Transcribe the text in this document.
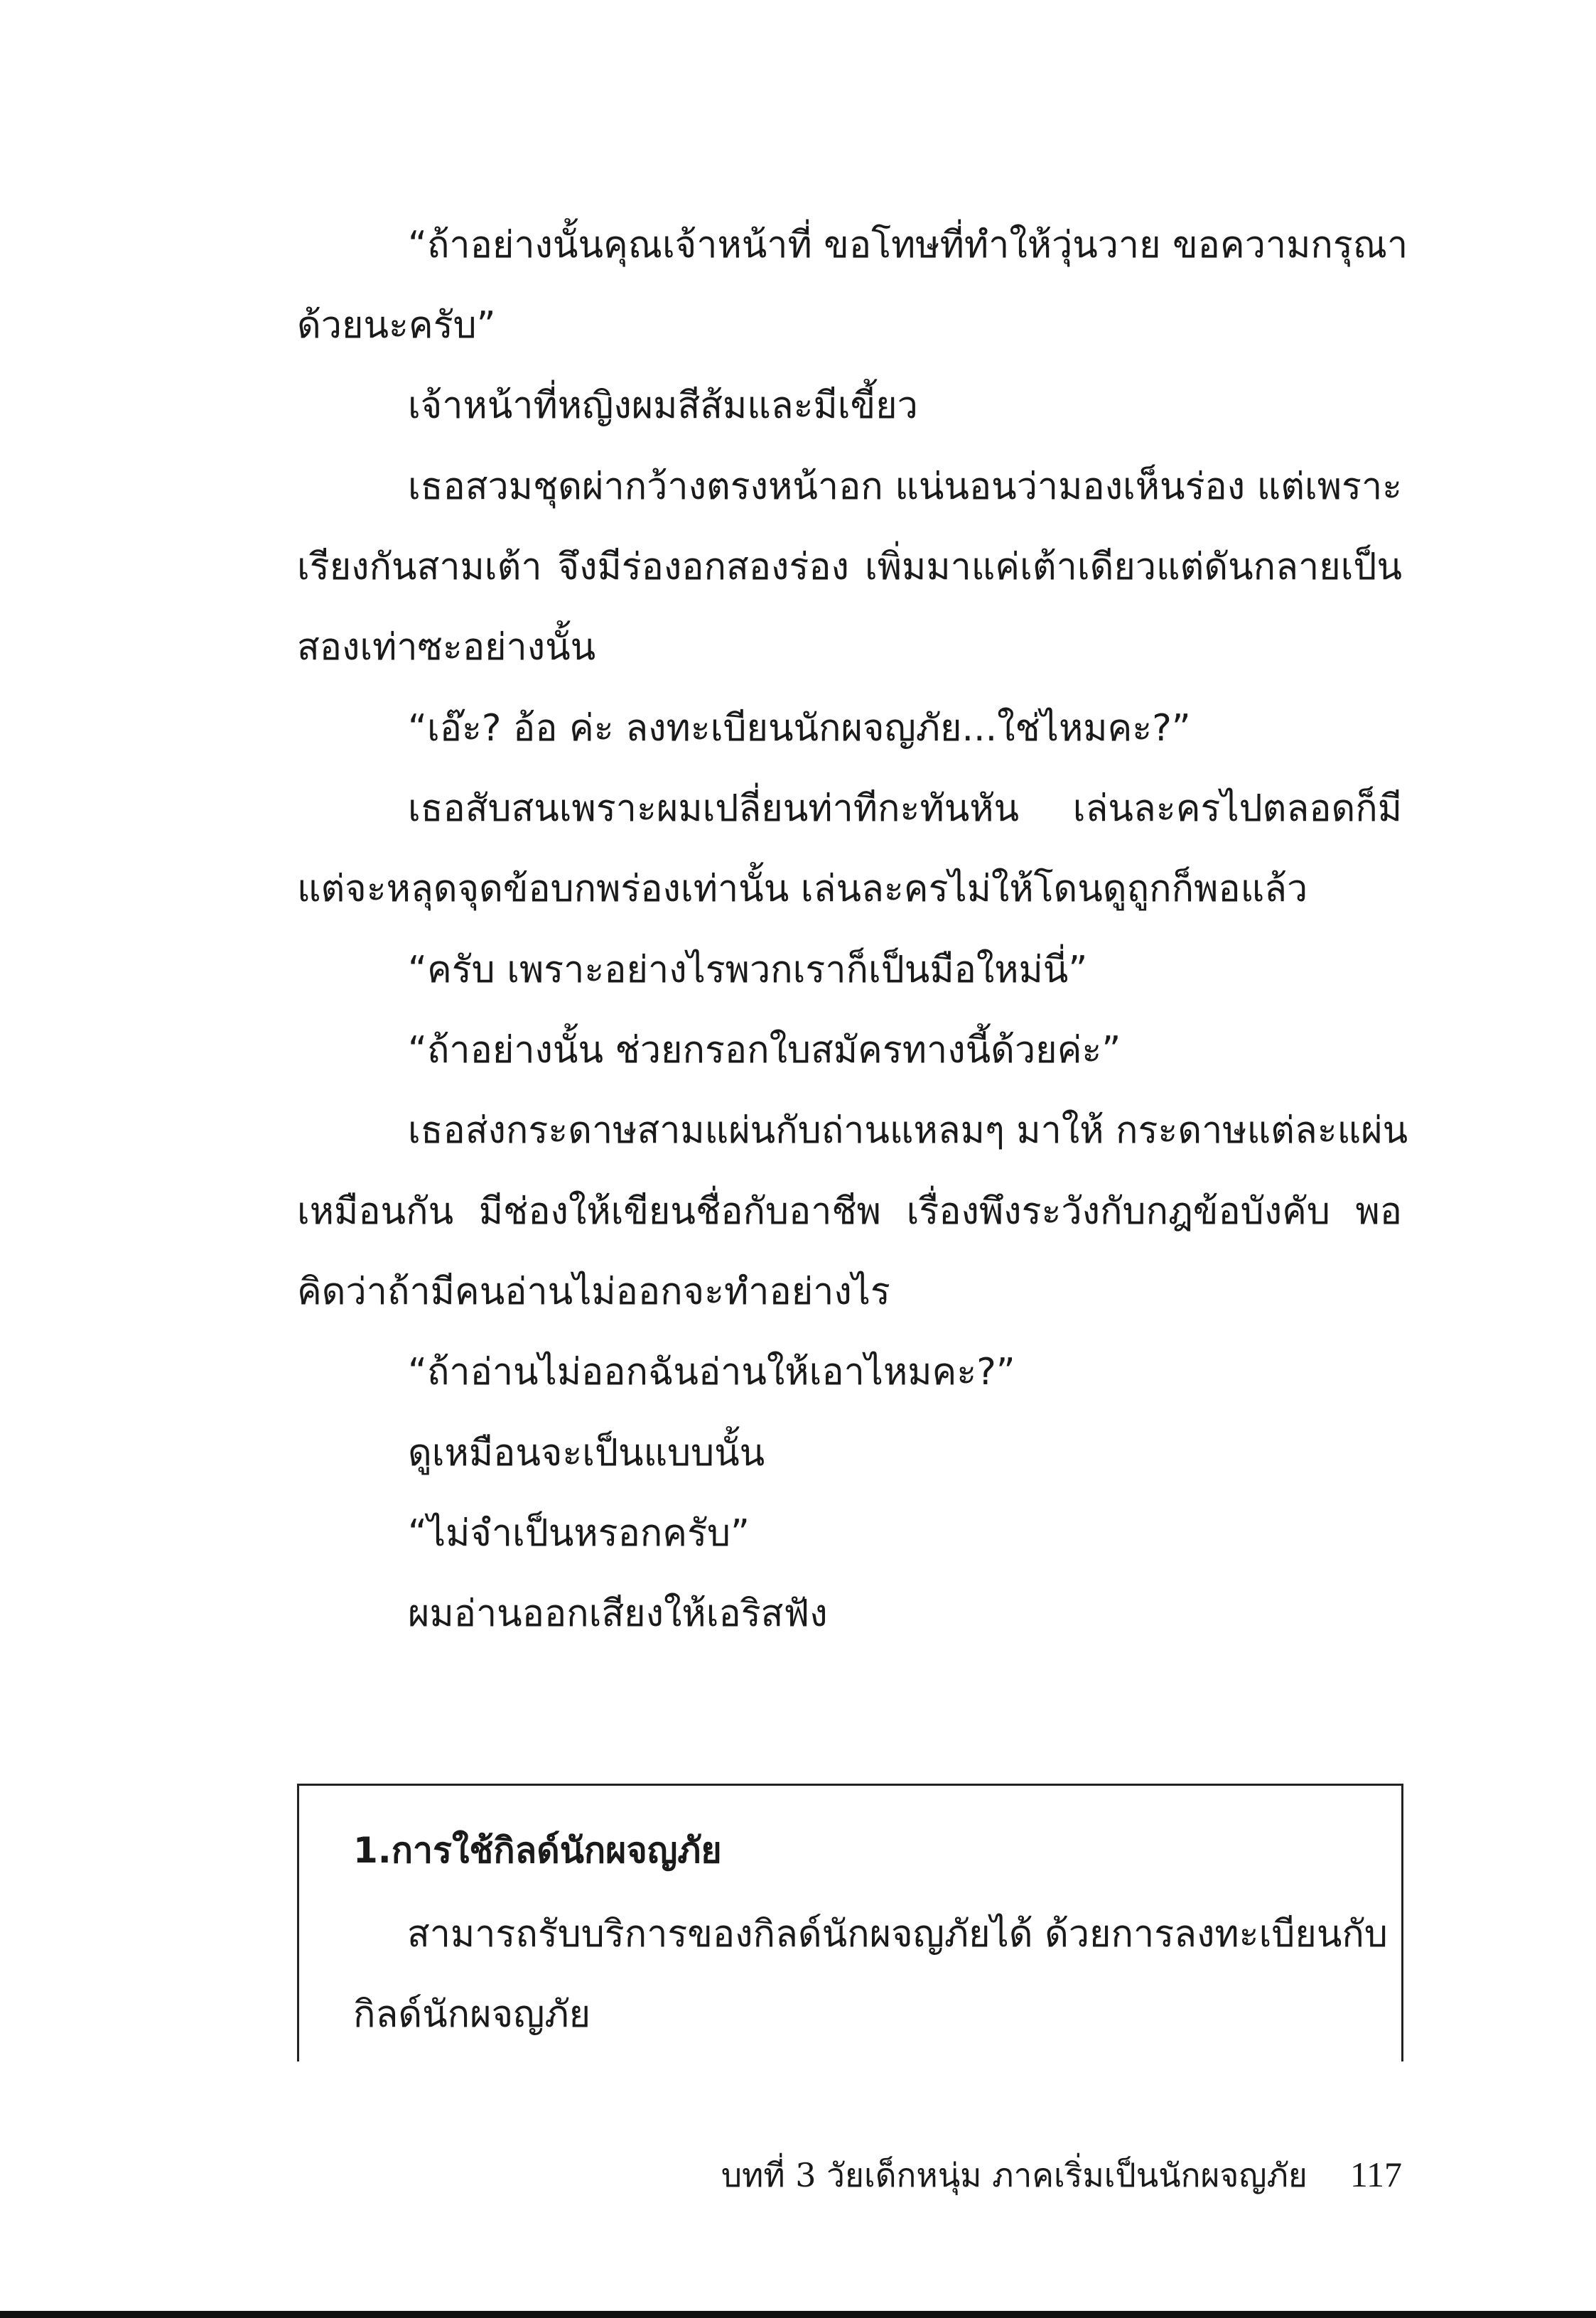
“ถ้าอย่างนั้นคุณเจ้าหน้าที่ ขอโทษที่ทำให้วุ่นวาย ขอความกรุณา
ด้วยนะครับ”
เจ้าหน้าที่หญิงผมสีส้มและมีเขี้ยว
เธอสวมชุดผ่ากว้างตรงหน้าอก แน่นอนว่ามองเห็นร่อง แต่เพราะ
เรียงกันสามเต้า จึงมีร่องอกสองร่อง เพิ่มมาแค่เต้าเดียวแต่ดันกลายเป็น
สองเท่าซะอย่างนั้น
“เอ๊ะ? อ้อ ค่ะ ลงทะเบียนนักผจญภัย...ใช่ไหมคะ?”
เธอสับสนเพราะผมเปลี่ยนท่าทีกะทันหัน เล่นละครไปตลอดก็มี
แต่จะหลุดจุดข้อบกพร่องเท่านั้น เล่นละครไม่ให้โดนดูถูกก็พอแล้ว
“ครับ เพราะอย่างไรพวกเราก็เป็นมือใหม่นี่”
“ถ้าอย่างนั้น ช่วยกรอกใบสมัครทางนี้ด้วยค่ะ”
เธอส่งกระดาษสามแผ่นกับถ่านแหลมๆ มาให้ กระดาษแต่ละแผ่น
เหมือนกัน มีช่องให้เขียนชื่อกับอาชีพ เรื่องพึงระวังกับกฎข้อบังคับ พอ
คิดว่าถ้ามีคนอ่านไม่ออกจะทำอย่างไร
“ถ้าอ่านไม่ออกฉันอ่านให้เอาไหมคะ?”
ดูเหมือนจะเป็นแบบนั้น
“ไม่จำเป็นหรอกครับ”
ผมอ่านออกเสียงให้เอริสฟัง
1.การใช้กิลด์นักผจญภัย
สามารถรับบริการของกิลด์นักผจญภัยได้ ด้วยการลงทะเบียนกับ
กิลด์นักผจญภัย
บทที่ 3 วัยเด็กหนุ่ม ภาคเริ่มเป็นนักผจญภัย 117
